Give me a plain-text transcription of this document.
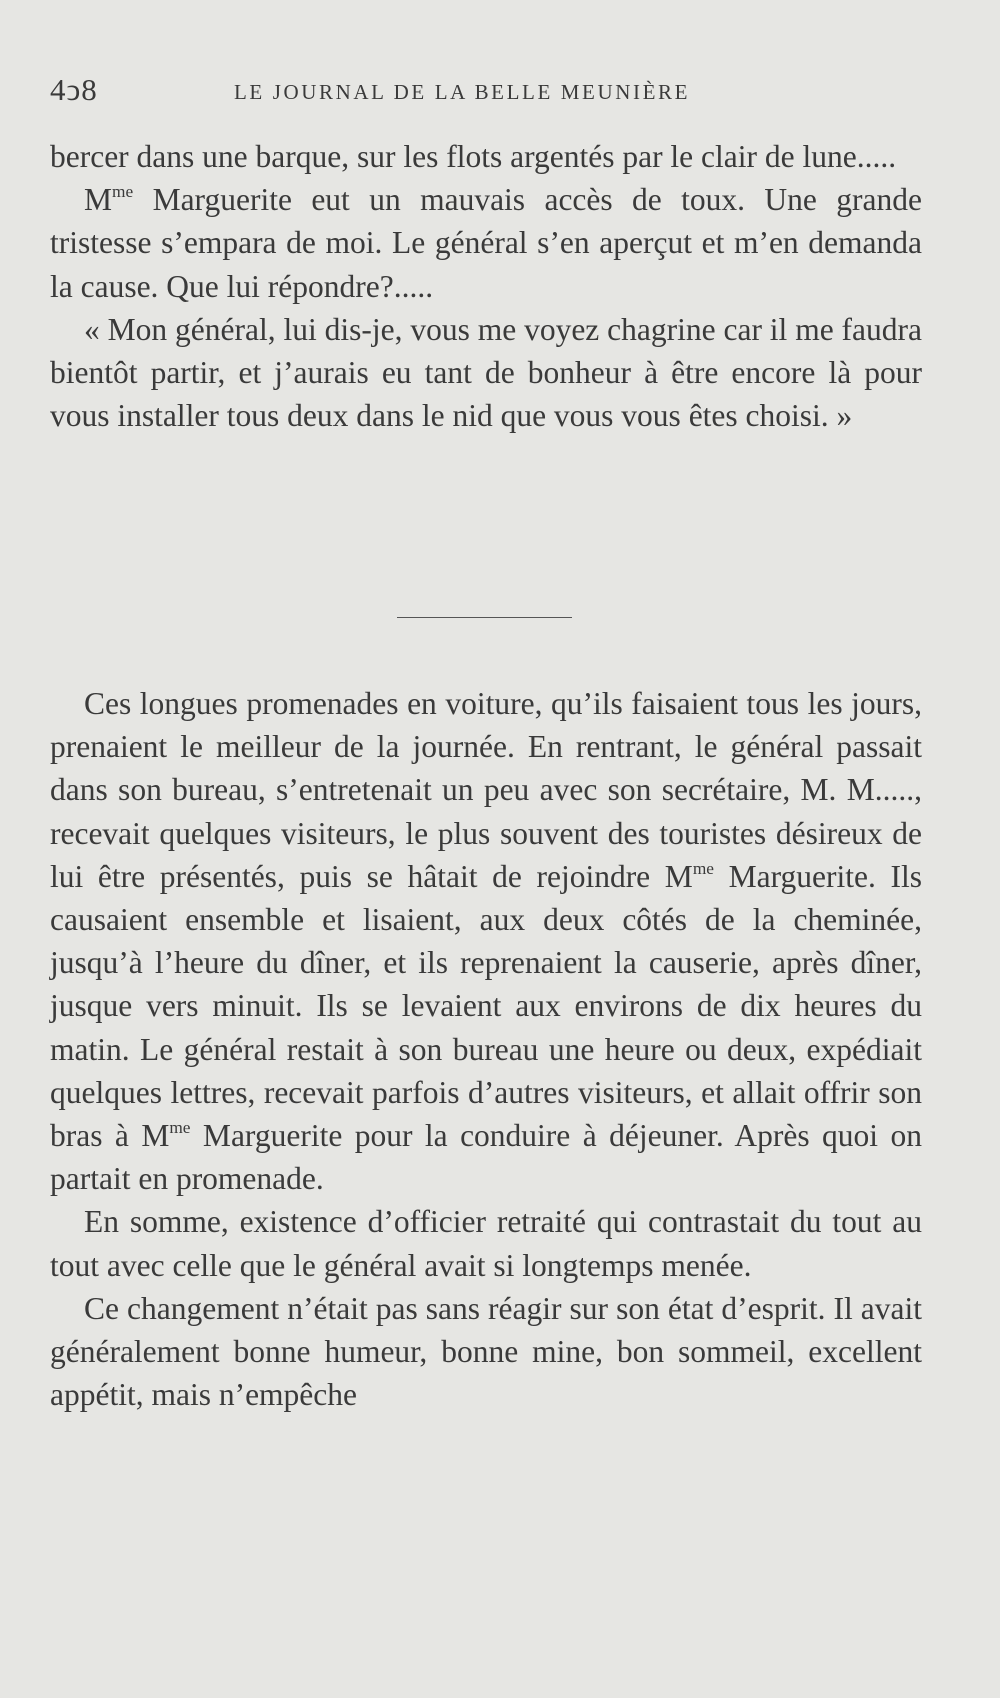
4ↄ8	LE JOURNAL DE LA BELLE MEUNIÈRE

bercer dans une barque, sur les flots argentés par le clair de lune.....

$M^{me}$ Marguerite eut un mauvais accès de toux. Une grande tristesse s’empara de moi. Le général s’en aperçut et m’en demanda la cause. Que lui répondre?.....

« Mon général, lui dis-je, vous me voyez chagrine car il me faudra bientôt partir, et j’aurais eu tant de bonheur à être encore là pour vous installer tous deux dans le nid que vous vous êtes choisi. »

Ces longues promenades en voiture, qu’ils faisaient tous les jours, prenaient le meilleur de la journée. En rentrant, le général passait dans son bureau, s’entretenait un peu avec son secrétaire, M. M....., recevait quelques visiteurs, le plus souvent des touristes désireux de lui être présentés, puis se hâtait de rejoindre $M^{me}$ Marguerite. Ils causaient ensemble et lisaient, aux deux côtés de la cheminée, jusqu’à l’heure du dîner, et ils reprenaient la causerie, après dîner, jusque vers minuit. Ils se levaient aux environs de dix heures du matin. Le général restait à son bureau une heure ou deux, expédiait quelques lettres, recevait parfois d’autres visiteurs, et allait offrir son bras à $M^{me}$ Marguerite pour la conduire à déjeuner. Après quoi on partait en promenade.

En somme, existence d’officier retraité qui contrastait du tout au tout avec celle que le général avait si longtemps menée.

Ce changement n’était pas sans réagir sur son état d’esprit. Il avait généralement bonne humeur, bonne mine, bon sommeil, excellent appétit, mais n’empêche
